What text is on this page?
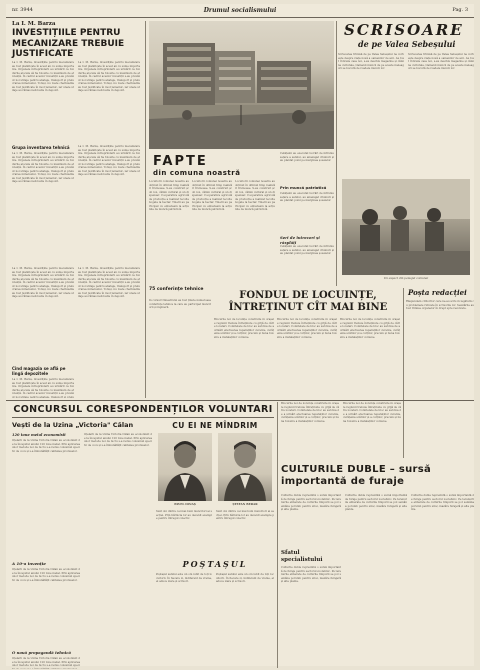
nr. 3944	Drumul socialismului	Pag. 3
La I. M. Barza
INVESTIȚIILE PENTRU MECANIZARE TREBUIE JUSTIFICATE
La I. M. Barza, investițiile pentru mecanizare au fost planificate în acest an cu sume importante. Organele întreprinderii au urmărit ca fondurile alocate să fie folosite cu maximum de eficiență. În cadrul acestor investiții s-au prevăzut noi utilaje pentru abataje, transport și prelucrarea minereului. Totuși, nu toate cheltuielile au fost justificate în mod temeinic, iar unele utilaje au rămas nefolosite în depozit.
La I. M. Barza, investițiile pentru mecanizare au fost planificate în acest an cu sume importante. Organele întreprinderii au urmărit ca fondurile alocate să fie folosite cu maximum de eficiență. În cadrul acestor investiții s-au prevăzut noi utilaje pentru abataje, transport și prelucrarea minereului. Totuși, nu toate cheltuielile au fost justificate în mod temeinic, iar unele utilaje au rămas nefolosite în depozit.
Grupa inventarea tehnică
La I. M. Barza, investițiile pentru mecanizare au fost planificate în acest an cu sume importante. Organele întreprinderii au urmărit ca fondurile alocate să fie folosite cu maximum de eficiență. În cadrul acestor investiții s-au prevăzut noi utilaje pentru abataje, transport și prelucrarea minereului. Totuși, nu toate cheltuielile au fost justificate în mod temeinic, iar unele utilaje au rămas nefolosite în depozit.
La I. M. Barza, investițiile pentru mecanizare au fost planificate în acest an cu sume importante. Organele întreprinderii au urmărit ca fondurile alocate să fie folosite cu maximum de eficiență. În cadrul acestor investiții s-au prevăzut noi utilaje pentru abataje, transport și prelucrarea minereului. Totuși, nu toate cheltuielile au fost justificate în mod temeinic, iar unele utilaje au rămas nefolosite în depozit.
Cînd magazia se află pe lîngă depozitele
La I. M. Barza, investițiile pentru mecanizare au fost planificate în acest an cu sume importante. Organele întreprinderii au urmărit ca fondurile alocate să fie folosite cu maximum de eficiență. În cadrul acestor investiții s-au prevăzut noi utilaje pentru abataje, transport și prelucrarea minereului. Totuși, nu toate cheltuielile au fost justificate în mod temeinic, iar unele utilaje au rămas nefolosite în depozit.
La I. M. Barza, investițiile pentru mecanizare au fost planificate în acest an cu sume importante. Organele întreprinderii au urmărit ca fondurile alocate să fie folosite cu maximum de eficiență. În cadrul acestor investiții s-au prevăzut noi utilaje pentru abataje, transport și prelucrarea minereului. Totuși, nu toate cheltuielile au fost justificate în mod temeinic, iar unele utilaje au rămas nefolosite în depozit.
La I. M. Barza, investițiile pentru mecanizare au fost planificate în acest an cu sume importante. Organele întreprinderii au urmărit ca fondurile alocate să fie folosite cu maximum de eficiență. În cadrul acestor investiții s-au prevăzut noi utilaje pentru abataje, transport și prelu
FAPTE
din comuna noastră
Locuitorii comunei noastre au obținut în ultimul timp realizări frumoase. S-au construit școli noi, cămin cultural și un dispensar. Cooperativa agricolă de producție a realizat recolte bogate la hectar. Tinerii au participat cu entuziasm la acțiunile de muncă patriotică.
Locuitorii comunei noastre au obținut în ultimul timp realizări frumoase. S-au construit școli noi, cămin cultural și un dispensar. Cooperativa agricolă de producție a realizat recolte bogate la hectar. Tinerii au participat cu entuziasm la acțiunile de muncă patriotică.
Locuitorii comunei noastre au obținut în ultimul timp realizări frumoase. S-au construit școli noi, cămin cultural și un dispensar. Cooperativa agricolă de producție a realizat recolte bogate la hectar. Tinerii au participat cu entuziasm la acțiunile de muncă patriotică.
Cetățenii au executat lucrări de înfrumusețare a satului, au amenajat drumuri și au plantat pomi pe marginea șoselelor.
Prin muncă patriotică
Cetățenii au executat lucrări de înfrumusețare a satului, au amenajat drumuri și au plantat pomi pe marginea șoselelor.
Seri de întreceri și răsplăți
Cetățenii au executat lucrări de înfrumusețare a satului, au amenajat drumuri și au plantat pomi pe marginea șoselelor.
SCRISOARE
de pe Valea Sebeșului
Scrisoarea trimisă de pe Valea Sebeșului ne vorbește despre viața nouă a oamenilor de aici. Au fost ridicate case noi, s-au deschis magazine și cămine culturale. Oamenii muncii de pe aceste meleaguri se bucură de roadele muncii lor.
Scrisoarea trimisă de pe Valea Sebeșului ne vorbește despre viața nouă a oamenilor de aici. Au fost ridicate case noi, s-au deschis magazine și cămine culturale. Oamenii muncii de pe aceste meleaguri se bucură de roadele muncii lor.
Un aspect din peisajul comunei
75 conferințe tehnice
În cursul trimestrului au fost ținute numeroase conferințe tehnice la care au participat muncitorii și inginerii.
FONDUL DE LOCUINȚE, ÎNTREȚINUT CÎT MAI BINE
Blocurile noi de locuințe construite în orașele regiunii trebuie întreținute cu grijă de către locatari. Comitetele de bloc au sarcina de a urmări efectuarea reparațiilor curente, curățenia scărilor și a curților, precum și buna folosire a instalațiilor comune.
Blocurile noi de locuințe construite în orașele regiunii trebuie întreținute cu grijă de către locatari. Comitetele de bloc au sarcina de a urmări efectuarea reparațiilor curente, curățenia scărilor și a curților, precum și buna folosire a instalațiilor comune.
Blocurile noi de locuințe construite în orașele regiunii trebuie întreținute cu grijă de către locatari. Comitetele de bloc au sarcina de a urmări efectuarea reparațiilor curente, curățenia scărilor și a curților, precum și buna folosire a instalațiilor comune.
Poșta redacției
Răspundem cititorilor care ne-au scris în legătură cu problemele ridicate în scrisorile lor. Sesizările au fost trimise organelor în drept spre rezolvare.
CONCURSUL CORESPONDENȚILOR VOLUNTARI
Vești de la Uzina „Victoria" Călan
120 tone metal economisit
Oțelarii de la Uzina Victoria Călan au economisit de la începutul anului 120 tone metal. Prin aplicarea unor metode noi de lucru s-a redus consumul specific de cocs și s-a îmbunătățit calitatea produselor.
Oțelarii de la Uzina Victoria Călan au economisit de la începutul anului 120 tone metal. Prin aplicarea unor metode noi de lucru s-a redus consumul specific de cocs și s-a îmbunătățit calitatea produselor.
A 10-a invenție
Oțelarii de la Uzina Victoria Călan au economisit de la începutul anului 120 tone metal. Prin aplicarea unor metode noi de lucru s-a redus consumul specific de cocs și s-a îmbunătățit calitatea produselor.
O nouă propagandă tehnică
Oțelarii de la Uzina Victoria Călan au economisit de la începutul anului 120 tone metal. Prin aplicarea unor metode noi de lucru s-a redus consumul specific de cocs și s-a îmbunătățit calitatea produselor.
CU EI NE MÎNDRIM
PAVEL IONAȘ	ȘTEFAN BERAR
Sunt doi dintre cei mai buni muncitori ai secției. Prin hărnicia lor au devenit exemple pentru întregul colectiv.
Sunt doi dintre cei mai buni muncitori ai secției. Prin hărnicia lor au devenit exemple pentru întregul colectiv.
POȘTAȘUL
Poștașul satului este un om iubit de toți locuitorii. În fiecare zi, indiferent de vreme, el aduce ziare și scrisori.
Poștașul satului este un om iubit de toți locuitorii. În fiecare zi, indiferent de vreme, el aduce ziare și scrisori.
Blocurile noi de locuințe construite în orașele regiunii trebuie întreținute cu grijă de către locatari. Comitetele de bloc au sarcina de a urmări efectuarea reparațiilor curente, curățenia scărilor și a curților, precum și buna folosire a instalațiilor comune.
Blocurile noi de locuințe construite în orașele regiunii trebuie întreținute cu grijă de către locatari. Comitetele de bloc au sarcina de a urmări efectuarea reparațiilor curente, curățenia scărilor și a curților, precum și buna folosire a instalațiilor comune.
CULTURILE DUBLE – sursă importantă de furaje
Culturile duble reprezintă o sursă importantă de furaje pentru sectorul zootehnic. Pe terenurile eliberate de culturile timpurii se pot semăna porumb pentru siloz, mazăre furajeră și alte plante.
Sfatul specialistului
Culturile duble reprezintă o sursă importantă de furaje pentru sectorul zootehnic. Pe terenurile eliberate de culturile timpurii se pot semăna porumb pentru siloz, mazăre furajeră și alte plante.
Culturile duble reprezintă o sursă importantă de furaje pentru sectorul zootehnic. Pe terenurile eliberate de culturile timpurii se pot semăna porumb pentru siloz, mazăre furajeră și alte plante.
Culturile duble reprezintă o sursă importantă de furaje pentru sectorul zootehnic. Pe terenurile eliberate de culturile timpurii se pot semăna porumb pentru siloz, mazăre furajeră și alte plante.
